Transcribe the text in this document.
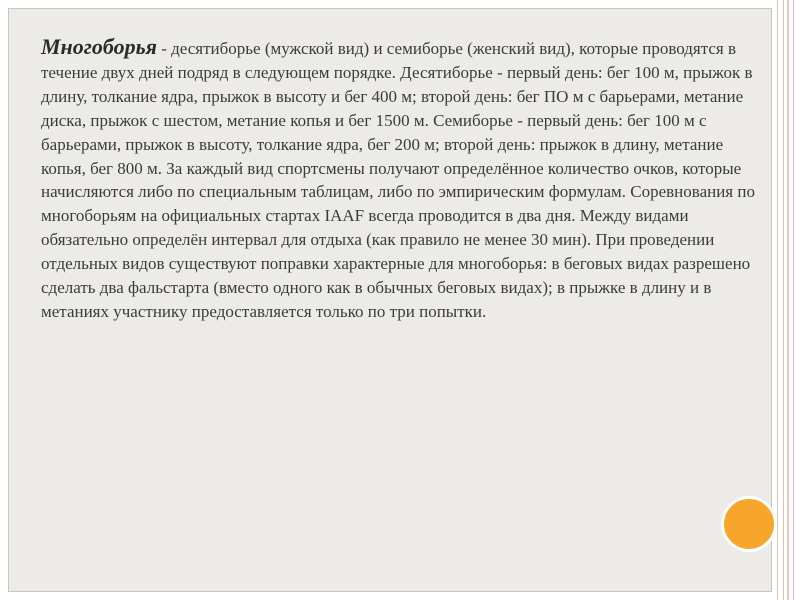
Многоборья - десятиборье (мужской вид) и семиборье (женский вид), которые проводятся в течение двух дней подряд в следующем порядке. Десятиборье - первый день: бег 100 м, прыжок в длину, толкание ядра, прыжок в высоту и бег 400 м; второй день: бег ПО м с барьерами, метание диска, прыжок с шестом, метание копья и бег 1500 м. Семиборье - первый день: бег 100 м с барьерами, прыжок в высоту, толкание ядра, бег 200 м; второй день: прыжок в длину, метание копья, бег 800 м. За каждый вид спортсмены получают определённое количество очков, которые начисляются либо по специальным таблицам, либо по эмпирическим формулам. Соревнования по многоборьям на официальных стартах IAAF всегда проводится в два дня. Между видами обязательно определён интервал для отдыха (как правило не менее 30 мин). При проведении отдельных видов существуют поправки характерные для многоборья: в беговых видах разрешено сделать два фальстарта (вместо одного как в обычных беговых видах); в прыжке в длину и в метаниях участнику предоставляется только по три попытки.
